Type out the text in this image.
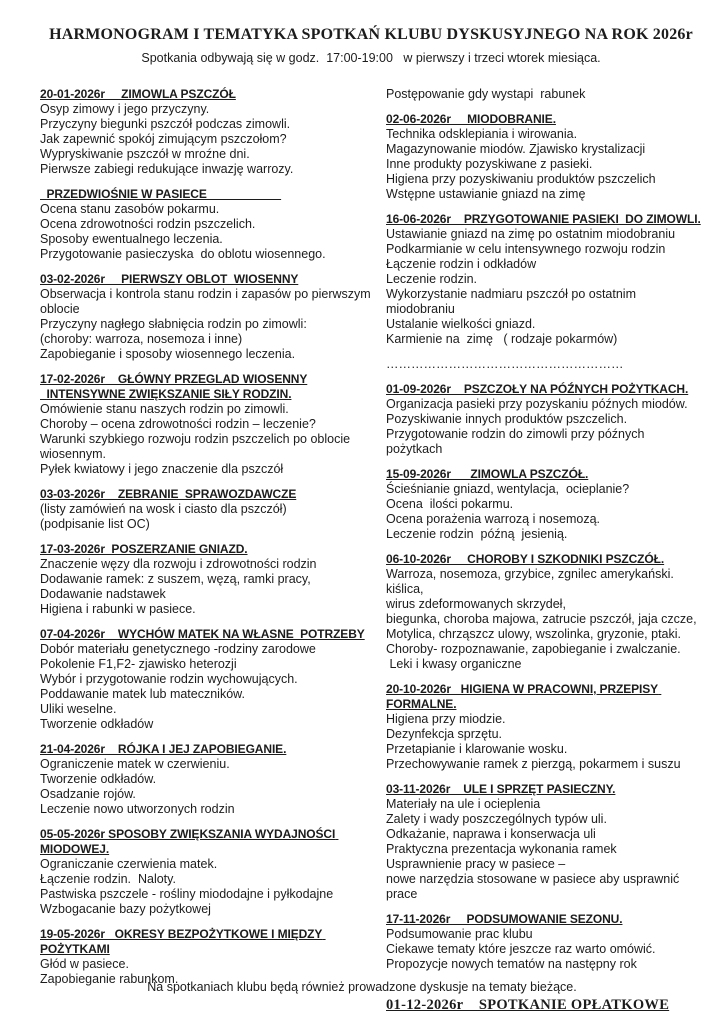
HARMONOGRAM I TEMATYKA SPOTKAŃ KLUBU DYSKUSYJNEGO NA ROK 2026r
Spotkania odbywają się w godz.  17:00-19:00   w pierwszy i trzeci wtorek miesiąca.
20-01-2026r     ZIMOWLA PSZCZÓŁ
Osyp zimowy i jego przyczyny.
Przyczyny biegunki pszczół podczas zimowli.
Jak zapewnić spokój zimującym pszczołom?
Wypryskiwanie pszczół w mroźne dni.
Pierwsze zabiegi redukujące inwazję warrozy.
PRZEDWIOŚNIE W PASIECE
Ocena stanu zasobów pokarmu.
Ocena zdrowotności rodzin pszczelich.
Sposoby ewentualnego leczenia.
Przygotowanie pasieczyska  do oblotu wiosennego.
03-02-2026r     PIERWSZY OBLOT  WIOSENNY
Obserwacja i kontrola stanu rodzin i zapasów po pierwszym
oblocie
Przyczyny nagłego słabnięcia rodzin po zimowli:
(choroby: warroza, nosemoza i inne)
Zapobieganie i sposoby wiosennego leczenia.
17-02-2026r    GŁÓWNY PRZEGLAD WIOSENNY
INTENSYWNE ZWIĘKSZANIE SIŁY RODZIN.
Omówienie stanu naszych rodzin po zimowli.
Choroby – ocena zdrowotności rodzin – leczenie?
Warunki szybkiego rozwoju rodzin pszczelich po oblocie
wiosennym.
Pyłek kwiatowy i jego znaczenie dla pszczół
03-03-2026r    ZEBRANIE  SPRAWOZDAWCZE
(listy zamówień na wosk i ciasto dla pszczół)
(podpisanie list OC)
17-03-2026r  POSZERZANIE GNIAZD.
Znaczenie węzy dla rozwoju i zdrowotności rodzin
Dodawanie ramek: z suszem, węzą, ramki pracy,
Dodawanie nadstawek
Higiena i rabunki w pasiece.
07-04-2026r    WYCHÓW MATEK NA WŁASNE  POTRZEBY
Dobór materiału genetycznego -rodziny zarodowe
Pokolenie F1,F2- zjawisko heterozji
Wybór i przygotowanie rodzin wychowujących.
Poddawanie matek lub mateczników.
Uliki weselne.
Tworzenie odkładów
21-04-2026r    RÓJKA I JEJ ZAPOBIEGANIE.
Ograniczenie matek w czerwieniu.
Tworzenie odkładów.
Osadzanie rojów.
Leczenie nowo utworzonych rodzin
05-05-2026r SPOSOBY ZWIĘKSZANIA WYDAJNOŚCI MIODOWEJ.
Ograniczanie czerwienia matek.
Łączenie rodzin.  Naloty.
Pastwiska pszczele - rośliny miododajne i pyłkodajne
Wzbogacanie bazy pożytkowej
19-05-2026r   OKRESY BEZPOŻYTKOWE I MIĘDZY POŻYTKAMI
Głód w pasiece.
Zapobieganie rabunkom.
Postępowanie gdy wystapi  rabunek
02-06-2026r     MIODOBRANIE.
Technika odsklepiania i wirowania.
Magazynowanie miodów. Zjawisko krystalizacji
Inne produkty pozyskiwane z pasieki.
Higiena przy pozyskiwaniu produktów pszczelich
Wstępne ustawianie gniazd na zimę
16-06-2026r    PRZYGOTOWANIE PASIEKI  DO ZIMOWLI.
Ustawianie gniazd na zimę po ostatnim miodobraniu
Podkarmianie w celu intensywnego rozwoju rodzin
Łączenie rodzin i odkładów
Leczenie rodzin.
Wykorzystanie nadmiaru pszczół po ostatnim miodobraniu
Ustalanie wielkości gniazd.
Karmienie na  zimę   ( rodzaje pokarmów)
…………………………………………………
01-09-2026r    PSZCZOŁY NA PÓŹNYCH POŻYTKACH.
Organizacja pasieki przy pozyskaniu późnych miodów.
Pozyskiwanie innych produktów pszczelich.
Przygotowanie rodzin do zimowli przy późnych pożytkach
15-09-2026r      ZIMOWLA PSZCZÓŁ.
Ścieśnianie gniazd, wentylacja,  ocieplanie?
Ocena  ilości pokarmu.
Ocena porażenia warrozą i nosemozą.
Leczenie rodzin  późną  jesienią.
06-10-2026r     CHOROBY I SZKODNIKI PSZCZÓŁ.
Warroza, nosemoza, grzybice, zgnilec amerykański. kiślica,
wirus zdeformowanych skrzydeł,
biegunka, choroba majowa, zatrucie pszczół, jaja czcze,
Motylica, chrząszcz ulowy, wszolinka, gryzonie, ptaki.
Choroby- rozpoznawanie, zapobieganie i zwalczanie.
Leki i kwasy organiczne
20-10-2026r   HIGIENA W PRACOWNI, PRZEPISY FORMALNE.
Higiena przy miodzie.
Dezynfekcja sprzętu.
Przetapianie i klarowanie wosku.
Przechowywanie ramek z pierzgą, pokarmem i suszu
03-11-2026r    ULE I SPRZĘT PASIECZNY.
Materiały na ule i ocieplenia
Zalety i wady poszczególnych typów uli.
Odkażanie, naprawa i konserwacja uli
Praktyczna prezentacja wykonania ramek
Usprawnienie pracy w pasiece –
nowe narzędzia stosowane w pasiece aby usprawnić prace
17-11-2026r     PODSUMOWANIE SEZONU.
Podsumowanie prac klubu
Ciekawe tematy które jeszcze raz warto omówić.
Propozycje nowych tematów na następny rok
01-12-2026r    SPOTKANIE OPŁATKOWE
Na spotkaniach klubu będą również prowadzone dyskusje na tematy bieżące.
